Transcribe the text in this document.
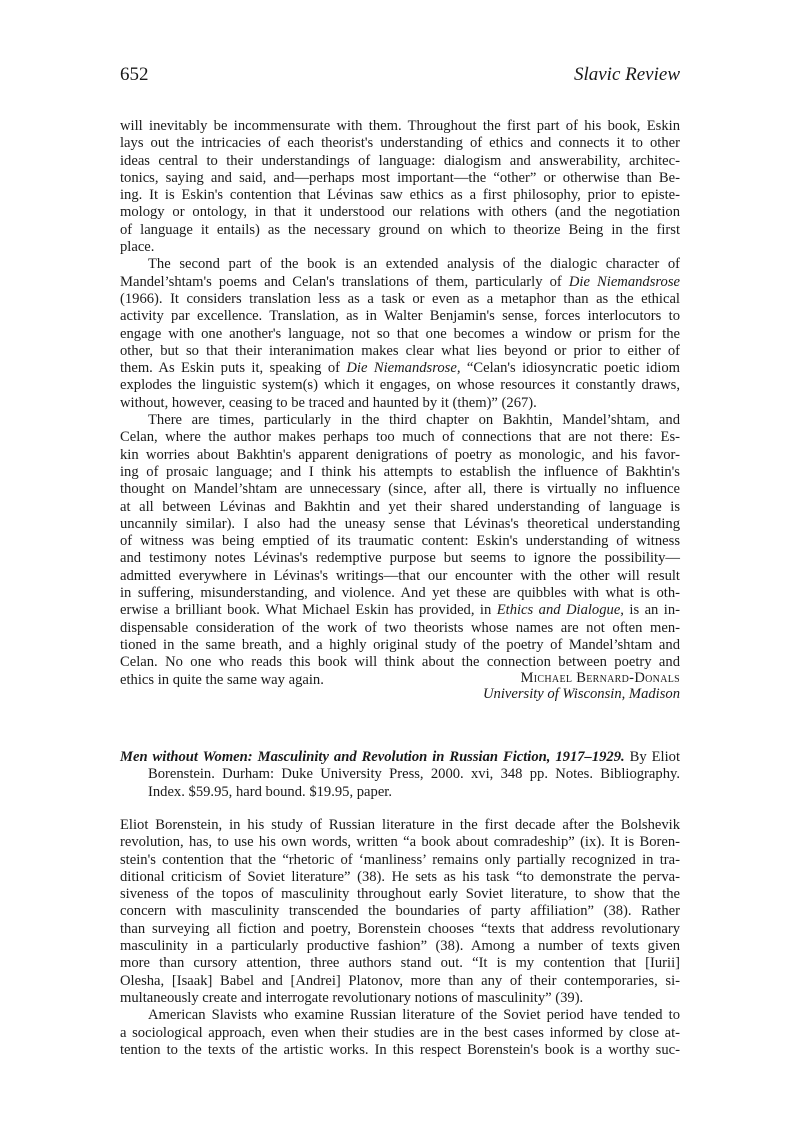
652	Slavic Review
will inevitably be incommensurate with them. Throughout the first part of his book, Eskin
lays out the intricacies of each theorist's understanding of ethics and connects it to other
ideas central to their understandings of language: dialogism and answerability, architec-
tonics, saying and said, and—perhaps most important—the “other” or otherwise than Be-
ing. It is Eskin's contention that Lévinas saw ethics as a first philosophy, prior to episte-
mology or ontology, in that it understood our relations with others (and the negotiation
of language it entails) as the necessary ground on which to theorize Being in the first
place.
The second part of the book is an extended analysis of the dialogic character of
Mandel’shtam's poems and Celan's translations of them, particularly of Die Niemandsrose
(1966). It considers translation less as a task or even as a metaphor than as the ethical
activity par excellence. Translation, as in Walter Benjamin's sense, forces interlocutors to
engage with one another's language, not so that one becomes a window or prism for the
other, but so that their interanimation makes clear what lies beyond or prior to either of
them. As Eskin puts it, speaking of Die Niemandsrose, “Celan's idiosyncratic poetic idiom
explodes the linguistic system(s) which it engages, on whose resources it constantly draws,
without, however, ceasing to be traced and haunted by it (them)” (267).
There are times, particularly in the third chapter on Bakhtin, Mandel’shtam, and
Celan, where the author makes perhaps too much of connections that are not there: Es-
kin worries about Bakhtin's apparent denigrations of poetry as monologic, and his favor-
ing of prosaic language; and I think his attempts to establish the influence of Bakhtin's
thought on Mandel’shtam are unnecessary (since, after all, there is virtually no influence
at all between Lévinas and Bakhtin and yet their shared understanding of language is
uncannily similar). I also had the uneasy sense that Lévinas's theoretical understanding
of witness was being emptied of its traumatic content: Eskin's understanding of witness
and testimony notes Lévinas's redemptive purpose but seems to ignore the possibility—
admitted everywhere in Lévinas's writings—that our encounter with the other will result
in suffering, misunderstanding, and violence. And yet these are quibbles with what is oth-
erwise a brilliant book. What Michael Eskin has provided, in Ethics and Dialogue, is an in-
dispensable consideration of the work of two theorists whose names are not often men-
tioned in the same breath, and a highly original study of the poetry of Mandel’shtam and
Celan. No one who reads this book will think about the connection between poetry and
ethics in quite the same way again.	Michael Bernard-Donals
University of Wisconsin, Madison
Men without Women: Masculinity and Revolution in Russian Fiction, 1917–1929. By Eliot
Borenstein. Durham: Duke University Press, 2000. xvi, 348 pp. Notes. Bibliography.
Index. $59.95, hard bound. $19.95, paper.
Eliot Borenstein, in his study of Russian literature in the first decade after the Bolshevik
revolution, has, to use his own words, written “a book about comradeship” (ix). It is Boren-
stein's contention that the “rhetoric of ‘manliness’ remains only partially recognized in tra-
ditional criticism of Soviet literature” (38). He sets as his task “to demonstrate the perva-
siveness of the topos of masculinity throughout early Soviet literature, to show that the
concern with masculinity transcended the boundaries of party affiliation” (38). Rather
than surveying all fiction and poetry, Borenstein chooses “texts that address revolutionary
masculinity in a particularly productive fashion” (38). Among a number of texts given
more than cursory attention, three authors stand out. “It is my contention that [Iurii]
Olesha, [Isaak] Babel and [Andrei] Platonov, more than any of their contemporaries, si-
multaneously create and interrogate revolutionary notions of masculinity” (39).
American Slavists who examine Russian literature of the Soviet period have tended to
a sociological approach, even when their studies are in the best cases informed by close at-
tention to the texts of the artistic works. In this respect Borenstein's book is a worthy suc-
